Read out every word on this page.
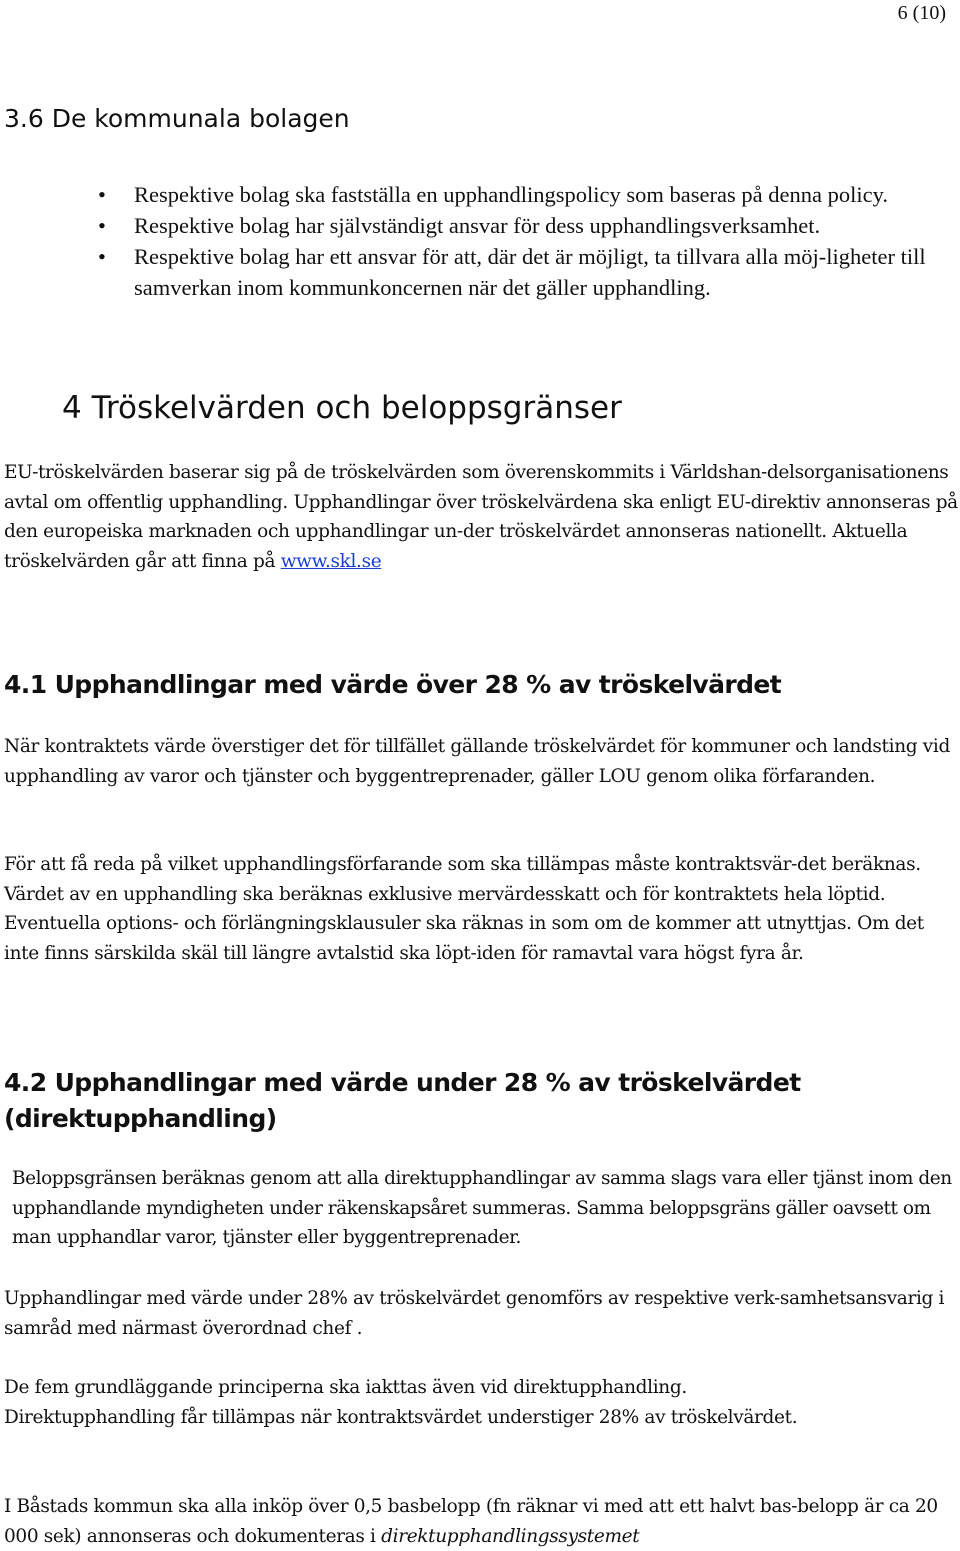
6 (10)
3.6 De kommunala bolagen
• Respektive bolag ska fastställa en upphandlingspolicy som baseras på denna policy.
• Respektive bolag har självständigt ansvar för dess upphandlingsverksamhet.
• Respektive bolag har ett ansvar för att, där det är möjligt, ta tillvara alla möj-ligheter till samverkan inom kommunkoncernen när det gäller upphandling.
4 Tröskelvärden och beloppsgränser
EU-tröskelvärden baserar sig på de tröskelvärden som överenskommits i Världshan-delsorganisationens avtal om offentlig upphandling. Upphandlingar över tröskelvärdena ska enligt EU-direktiv annonseras på den europeiska marknaden och upphandlingar un-der tröskelvärdet annonseras nationellt. Aktuella tröskelvärden går att finna på www.skl.se
4.1 Upphandlingar med värde över 28 % av tröskelvärdet

När kontraktets värde överstiger det för tillfället gällande tröskelvärdet för kommuner och landsting vid upphandling av varor och tjänster och byggentreprenader, gäller LOU genom olika förfaranden.

För att få reda på vilket upphandlingsförfarande som ska tillämpas måste kontraktsvär-det beräknas. Värdet av en upphandling ska beräknas exklusive mervärdesskatt och för kontraktets hela löptid. Eventuella options- och förlängningsklausuler ska räknas in som om de kommer att utnyttjas. Om det inte finns särskilda skäl till längre avtalstid ska löpt-iden för ramavtal vara högst fyra år.

4.2 Upphandlingar med värde under 28 % av tröskelvärdet (direktupphandling)

Beloppsgränsen beräknas genom att alla direktupphandlingar av samma slags vara eller tjänst inom den upphandlande myndigheten under räkenskapsåret summeras. Samma beloppsgräns gäller oavsett om man upphandlar varor, tjänster eller byggentreprenader.

Upphandlingar med värde under 28% av tröskelvärdet genomförs av respektive verk-samhetsansvarig i samråd med närmast överordnad chef .

De fem grundläggande principerna ska iakttas även vid direktupphandling.

Direktupphandling får tillämpas när kontraktsvärdet understiger 28% av tröskelvärdet.

I Båstads kommun ska alla inköp över 0,5 basbelopp (fn räknar vi med att ett halvt bas-belopp är ca 20 000 sek) annonseras och dokumenteras i direktupphandlingssystemet
